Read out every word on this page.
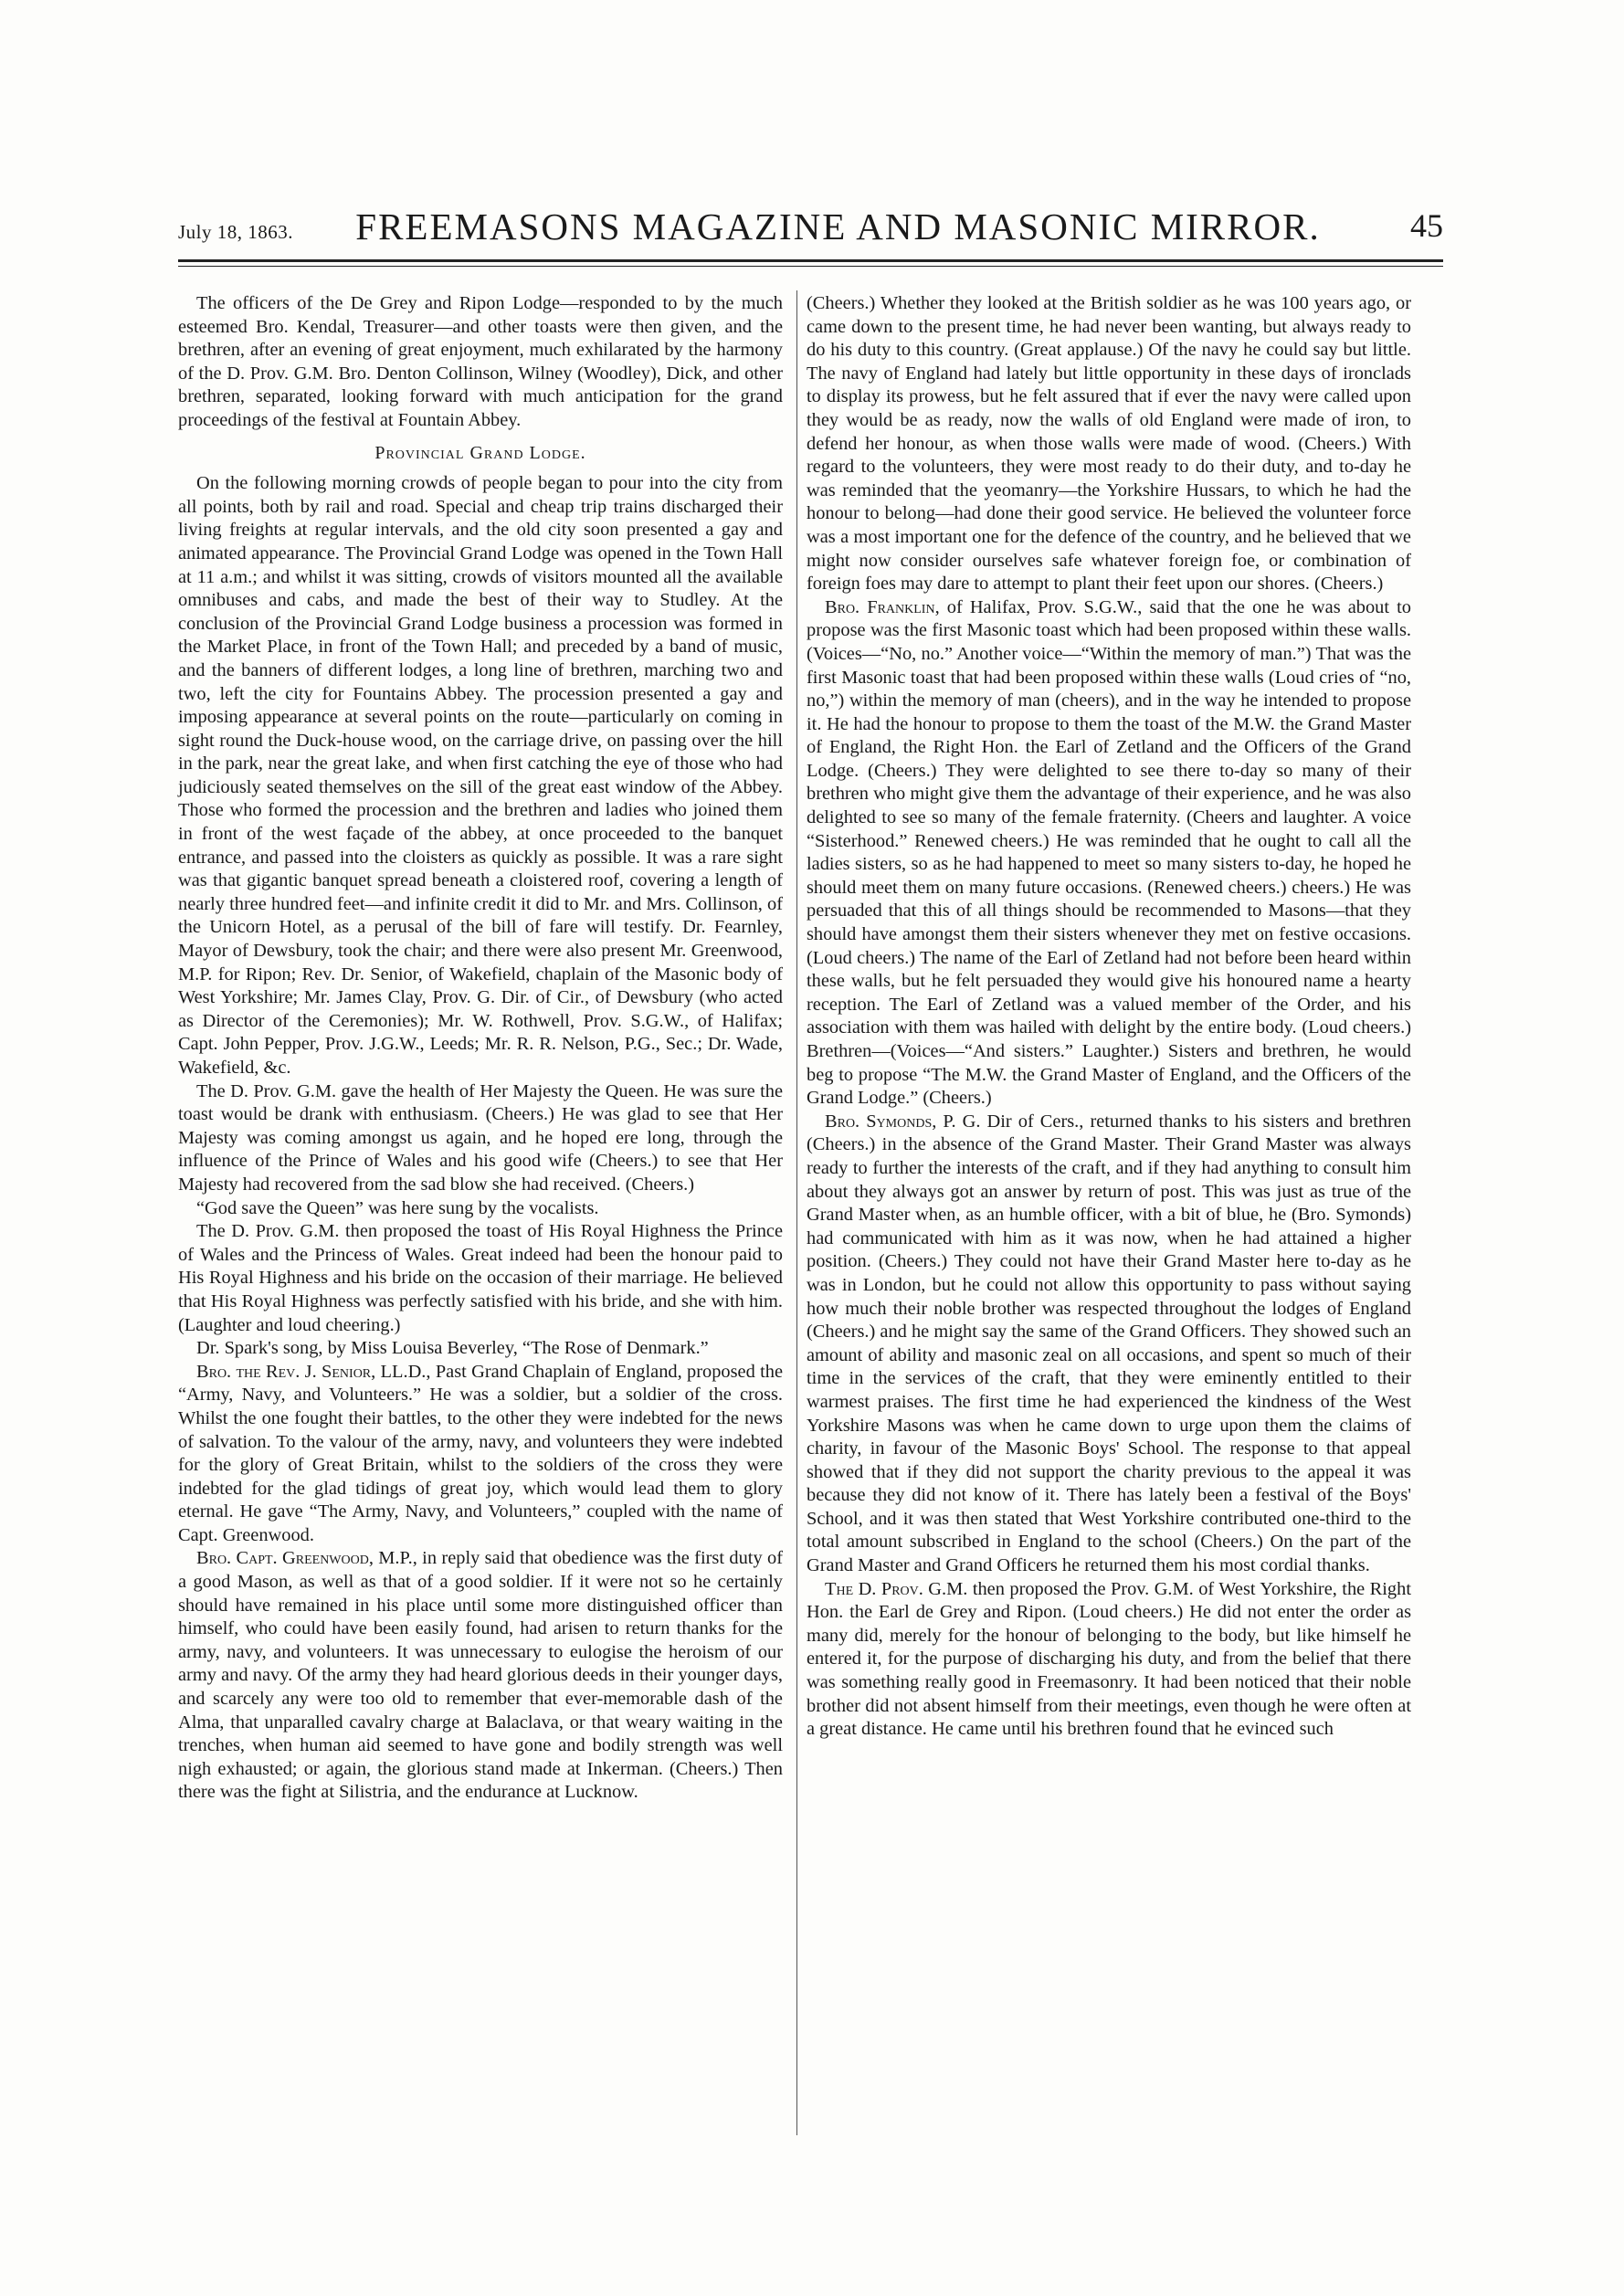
July 18, 1863.	FREEMASONS MAGAZINE AND MASONIC MIRROR.	45

The officers of the De Grey and Ripon Lodge—responded to by the much esteemed Bro. Kendal, Treasurer—and other toasts were then given, and the brethren, after an evening of great enjoyment, much exhilarated by the harmony of the D. Prov. G.M. Bro. Denton Collinson, Wilney (Woodley), Dick, and other brethren, separated, looking forward with much anticipation for the grand proceedings of the festival at Fountain Abbey.

Provincial Grand Lodge.

On the following morning crowds of people began to pour into the city from all points, both by rail and road. Special and cheap trip trains discharged their living freights at regular intervals, and the old city soon presented a gay and animated appearance. The Provincial Grand Lodge was opened in the Town Hall at 11 a.m.; and whilst it was sitting, crowds of visitors mounted all the available omnibuses and cabs, and made the best of their way to Studley. At the conclusion of the Provincial Grand Lodge business a procession was formed in the Market Place, in front of the Town Hall; and preceded by a band of music, and the banners of different lodges, a long line of brethren, marching two and two, left the city for Fountains Abbey. The procession presented a gay and imposing appearance at several points on the route—particularly on coming in sight round the Duck-house wood, on the carriage drive, on passing over the hill in the park, near the great lake, and when first catching the eye of those who had judiciously seated themselves on the sill of the great east window of the Abbey. Those who formed the procession and the brethren and ladies who joined them in front of the west façade of the abbey, at once proceeded to the banquet entrance, and passed into the cloisters as quickly as possible. It was a rare sight was that gigantic banquet spread beneath a cloistered roof, covering a length of nearly three hundred feet—and infinite credit it did to Mr. and Mrs. Collinson, of the Unicorn Hotel, as a perusal of the bill of fare will testify. Dr. Fearnley, Mayor of Dewsbury, took the chair; and there were also present Mr. Greenwood, M.P. for Ripon; Rev. Dr. Senior, of Wakefield, chaplain of the Masonic body of West Yorkshire; Mr. James Clay, Prov. G. Dir. of Cir., of Dewsbury (who acted as Director of the Ceremonies); Mr. W. Rothwell, Prov. S.G.W., of Halifax; Capt. John Pepper, Prov. J.G.W., Leeds; Mr. R. R. Nelson, P.G., Sec.; Dr. Wade, Wakefield, &c.

The D. Prov. G.M. gave the health of Her Majesty the Queen. He was sure the toast would be drank with enthusiasm. (Cheers.) He was glad to see that Her Majesty was coming amongst us again, and he hoped ere long, through the influence of the Prince of Wales and his good wife (Cheers.) to see that Her Majesty had recovered from the sad blow she had received. (Cheers.)

“God save the Queen” was here sung by the vocalists.

The D. Prov. G.M. then proposed the toast of His Royal Highness the Prince of Wales and the Princess of Wales. Great indeed had been the honour paid to His Royal Highness and his bride on the occasion of their marriage. He believed that His Royal Highness was perfectly satisfied with his bride, and she with him. (Laughter and loud cheering.)

Dr. Spark's song, by Miss Louisa Beverley, “The Rose of Denmark.”

Bro. the Rev. J. Senior, LL.D., Past Grand Chaplain of England, proposed the “Army, Navy, and Volunteers.” He was a soldier, but a soldier of the cross. Whilst the one fought their battles, to the other they were indebted for the news of salvation. To the valour of the army, navy, and volunteers they were indebted for the glory of Great Britain, whilst to the soldiers of the cross they were indebted for the glad tidings of great joy, which would lead them to glory eternal. He gave “The Army, Navy, and Volunteers,” coupled with the name of Capt. Greenwood.

Bro. Capt. Greenwood, M.P., in reply said that obedience was the first duty of a good Mason, as well as that of a good soldier. If it were not so he certainly should have remained in his place until some more distinguished officer than himself, who could have been easily found, had arisen to return thanks for the army, navy, and volunteers. It was unnecessary to eulogise the heroism of our army and navy. Of the army they had heard glorious deeds in their younger days, and scarcely any were too old to remember that ever-memorable dash of the Alma, that unparalled cavalry charge at Balaclava, or that weary waiting in the trenches, when human aid seemed to have gone and bodily strength was well nigh exhausted; or again, the glorious stand made at Inkerman. (Cheers.) Then there was the fight at Silistria, and the endurance at Lucknow.

(Cheers.) Whether they looked at the British soldier as he was 100 years ago, or came down to the present time, he had never been wanting, but always ready to do his duty to this country. (Great applause.) Of the navy he could say but little. The navy of England had lately but little opportunity in these days of ironclads to display its prowess, but he felt assured that if ever the navy were called upon they would be as ready, now the walls of old England were made of iron, to defend her honour, as when those walls were made of wood. (Cheers.) With regard to the volunteers, they were most ready to do their duty, and to-day he was reminded that the yeomanry—the Yorkshire Hussars, to which he had the honour to belong—had done their good service. He believed the volunteer force was a most important one for the defence of the country, and he believed that we might now consider ourselves safe whatever foreign foe, or combination of foreign foes may dare to attempt to plant their feet upon our shores. (Cheers.)

Bro. Franklin, of Halifax, Prov. S.G.W., said that the one he was about to propose was the first Masonic toast which had been proposed within these walls. (Voices—“No, no.” Another voice—“Within the memory of man.”) That was the first Masonic toast that had been proposed within these walls (Loud cries of “no, no,”) within the memory of man (cheers), and in the way he intended to propose it. He had the honour to propose to them the toast of the M.W. the Grand Master of England, the Right Hon. the Earl of Zetland and the Officers of the Grand Lodge. (Cheers.) They were delighted to see there to-day so many of their brethren who might give them the advantage of their experience, and he was also delighted to see so many of the female fraternity. (Cheers and laughter. A voice “Sisterhood.” Renewed cheers.) He was reminded that he ought to call all the ladies sisters, so as he had happened to meet so many sisters to-day, he hoped he should meet them on many future occasions. (Renewed cheers.) cheers.) He was persuaded that this of all things should be recommended to Masons—that they should have amongst them their sisters whenever they met on festive occasions. (Loud cheers.) The name of the Earl of Zetland had not before been heard within these walls, but he felt persuaded they would give his honoured name a hearty reception. The Earl of Zetland was a valued member of the Order, and his association with them was hailed with delight by the entire body. (Loud cheers.) Brethren—(Voices—“And sisters.” Laughter.) Sisters and brethren, he would beg to propose “The M.W. the Grand Master of England, and the Officers of the Grand Lodge.” (Cheers.)

Bro. Symonds, P. G. Dir of Cers., returned thanks to his sisters and brethren (Cheers.) in the absence of the Grand Master. Their Grand Master was always ready to further the interests of the craft, and if they had anything to consult him about they always got an answer by return of post. This was just as true of the Grand Master when, as an humble officer, with a bit of blue, he (Bro. Symonds) had communicated with him as it was now, when he had attained a higher position. (Cheers.) They could not have their Grand Master here to-day as he was in London, but he could not allow this opportunity to pass without saying how much their noble brother was respected throughout the lodges of England (Cheers.) and he might say the same of the Grand Officers. They showed such an amount of ability and masonic zeal on all occasions, and spent so much of their time in the services of the craft, that they were eminently entitled to their warmest praises. The first time he had experienced the kindness of the West Yorkshire Masons was when he came down to urge upon them the claims of charity, in favour of the Masonic Boys' School. The response to that appeal showed that if they did not support the charity previous to the appeal it was because they did not know of it. There has lately been a festival of the Boys' School, and it was then stated that West Yorkshire contributed one-third to the total amount subscribed in England to the school (Cheers.) On the part of the Grand Master and Grand Officers he returned them his most cordial thanks.

The D. Prov. G.M. then proposed the Prov. G.M. of West Yorkshire, the Right Hon. the Earl de Grey and Ripon. (Loud cheers.) He did not enter the order as many did, merely for the honour of belonging to the body, but like himself he entered it, for the purpose of discharging his duty, and from the belief that there was something really good in Freemasonry. It had been noticed that their noble brother did not absent himself from their meetings, even though he were often at a great distance. He came until his brethren found that he evinced such
